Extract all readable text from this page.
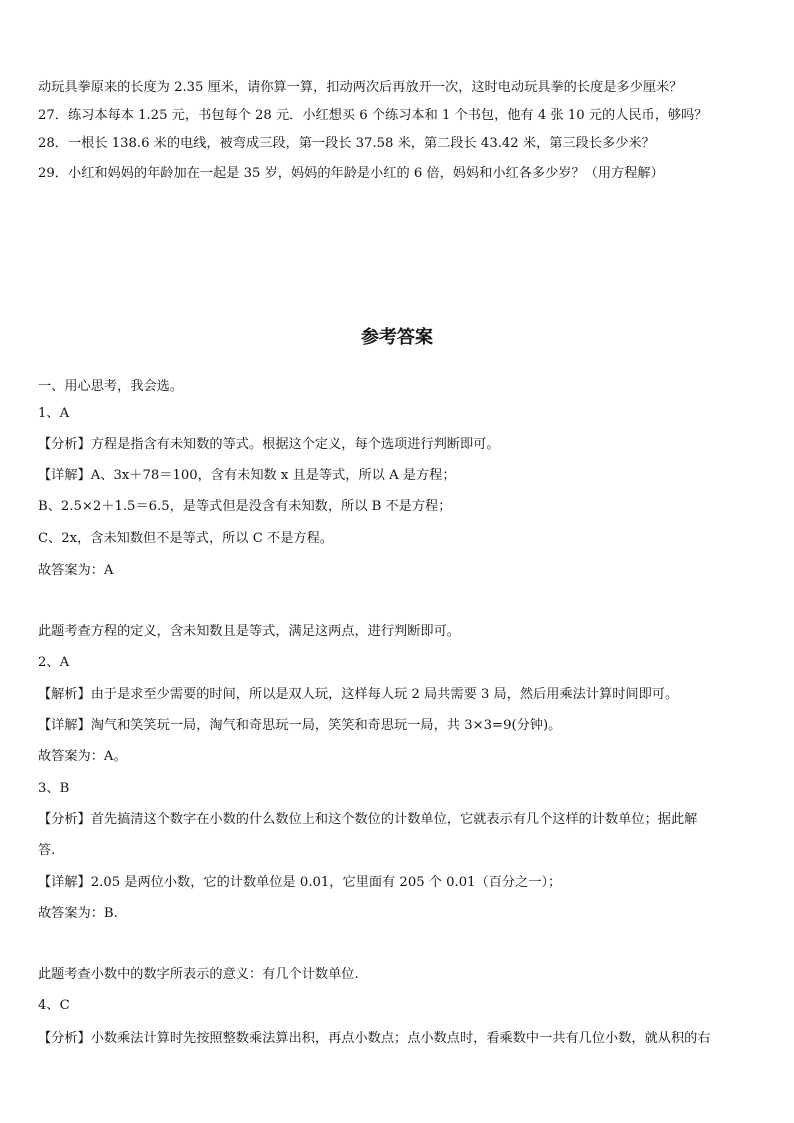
动玩具拳原来的长度为 2.35 厘米，请你算一算，扣动两次后再放开一次，这时电动玩具拳的长度是多少厘米？
27．练习本每本 1.25 元，书包每个 28 元．小红想买 6 个练习本和 1 个书包，他有 4 张 10 元的人民币，够吗？
28．一根长 138.6 米的电线，被弯成三段，第一段长 37.58 米，第二段长 43.42 米，第三段长多少米？
29．小红和妈妈的年龄加在一起是 35 岁，妈妈的年龄是小红的 6 倍，妈妈和小红各多少岁？（用方程解）
参考答案
一、用心思考，我会选。
1、A
【分析】方程是指含有未知数的等式。根据这个定义，每个选项进行判断即可。
【详解】A、3x＋78＝100，含有未知数 x 且是等式，所以 A 是方程；
B、2.5×2＋1.5＝6.5，是等式但是没含有未知数，所以 B 不是方程；
C、2x，含未知数但不是等式，所以 C 不是方程。
故答案为：A
此题考查方程的定义，含未知数且是等式，满足这两点，进行判断即可。
2、A
【解析】由于是求至少需要的时间，所以是双人玩，这样每人玩 2 局共需要 3 局，然后用乘法计算时间即可。
【详解】淘气和笑笑玩一局，淘气和奇思玩一局，笑笑和奇思玩一局，共 3×3=9(分钟)。
故答案为：A。
3、B
【分析】首先搞清这个数字在小数的什么数位上和这个数位的计数单位，它就表示有几个这样的计数单位；据此解
答.
【详解】2.05 是两位小数，它的计数单位是 0.01，它里面有 205 个 0.01（百分之一）；
故答案为：B.
此题考查小数中的数字所表示的意义：有几个计数单位.
4、C
【分析】小数乘法计算时先按照整数乘法算出积，再点小数点；点小数点时，看乘数中一共有几位小数，就从积的右
